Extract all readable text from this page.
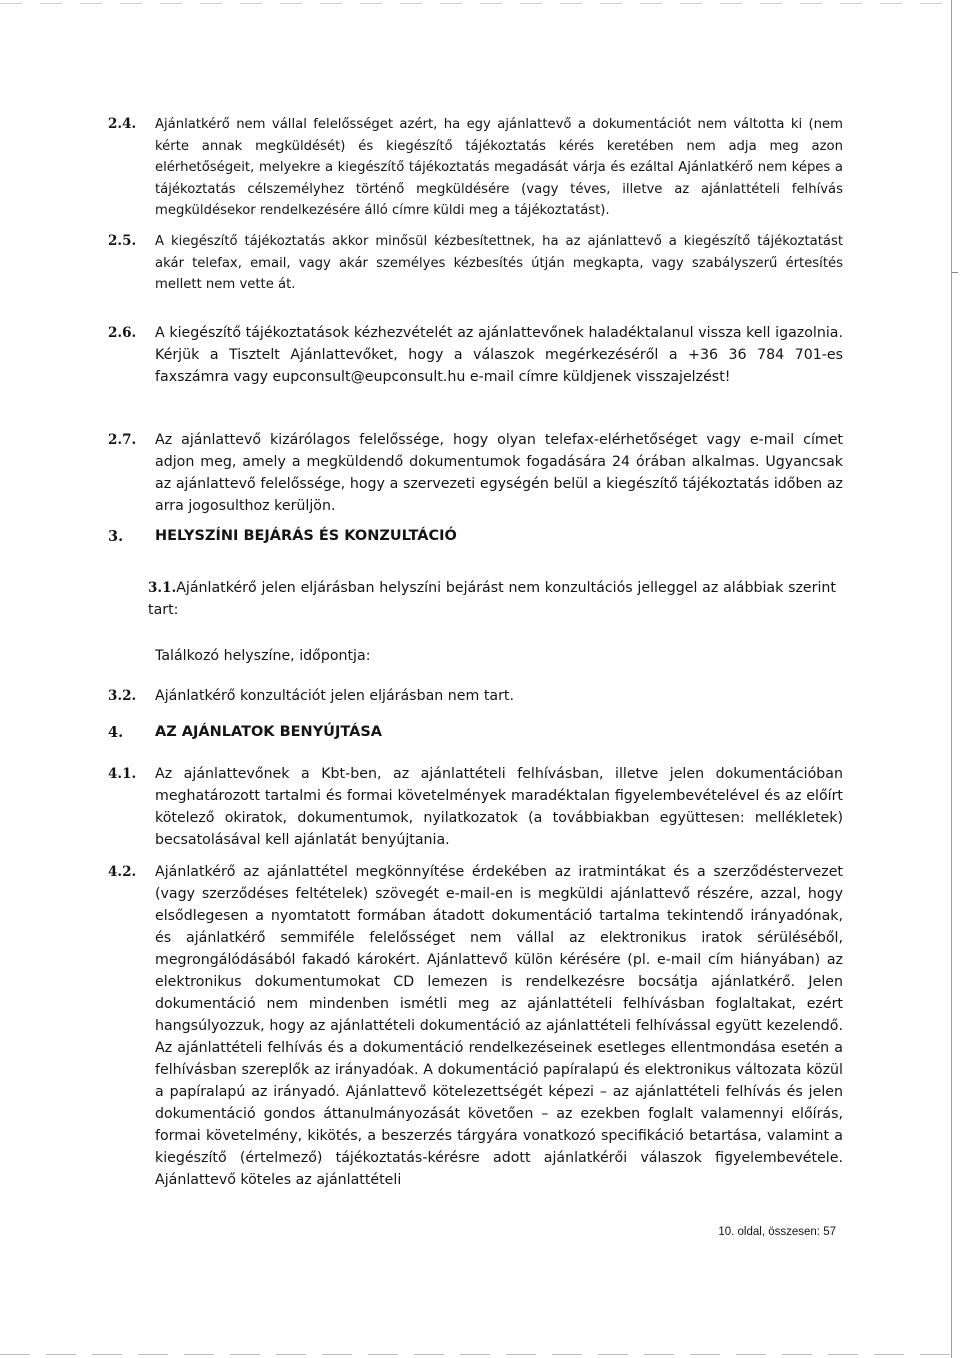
2.4.	Ajánlatkérő nem vállal felelősséget azért, ha egy ajánlattevő a dokumentációt nem váltotta ki (nem kérte annak megküldését) és kiegészítő tájékoztatás kérés keretében nem adja meg azon elérhetőségeit, melyekre a kiegészítő tájékoztatás megadását várja és ezáltal Ajánlatkérő nem képes a tájékoztatás célszemélyhez történő megküldésére (vagy téves, illetve az ajánlattételi felhívás megküldésekor rendelkezésére álló címre küldi meg a tájékoztatást).
2.5.	A kiegészítő tájékoztatás akkor minősül kézbesítettnek, ha az ajánlattevő a kiegészítő tájékoztatást akár telefax, email, vagy akár személyes kézbesítés útján megkapta, vagy szabályszerű értesítés mellett nem vette át.
2.6.	A kiegészítő tájékoztatások kézhezvételét az ajánlattevőnek haladéktalanul vissza kell igazolnia. Kérjük a Tisztelt Ajánlattevőket, hogy a válaszok megérkezéséről a +36 36 784 701-es faxszámra vagy eupconsult@eupconsult.hu e-mail címre küldjenek visszajelzést!
2.7.	Az ajánlattevő kizárólagos felelőssége, hogy olyan telefax-elérhetőséget vagy e-mail címet adjon meg, amely a megküldendő dokumentumok fogadására 24 órában alkalmas. Ugyancsak az ajánlattevő felelőssége, hogy a szervezeti egységén belül a kiegészítő tájékoztatás időben az arra jogosulthoz kerüljön.
3. HELYSZÍNI BEJÁRÁS ÉS KONZULTÁCIÓ
3.1.Ajánlatkérő jelen eljárásban helyszíni bejárást nem konzultációs jelleggel az alábbiak szerint tart:
Találkozó helyszíne, időpontja:
3.2.	Ajánlatkérő konzultációt jelen eljárásban nem tart.
4. AZ AJÁNLATOK BENYÚJTÁSA
4.1.	Az ajánlattevőnek a Kbt-ben, az ajánlattételi felhívásban, illetve jelen dokumentációban meghatározott tartalmi és formai követelmények maradéktalan figyelembevételével és az előírt kötelező okiratok, dokumentumok, nyilatkozatok (a továbbiakban együttesen: mellékletek) becsatolásával kell ajánlatát benyújtania.
4.2.	Ajánlatkérő az ajánlattétel megkönnyítése érdekében az iratmintákat és a szerződéstervezet (vagy szerződéses feltételek) szövegét e-mail-en is megküldi ajánlattevő részére, azzal, hogy elsődlegesen a nyomtatott formában átadott dokumentáció tartalma tekintendő irányadónak, és ajánlatkérő semmiféle felelősséget nem vállal az elektronikus iratok sérüléséből, megrongálódásából fakadó károkért. Ajánlattevő külön kérésére (pl. e-mail cím hiányában) az elektronikus dokumentumokat CD lemezen is rendelkezésre bocsátja ajánlatkérő. Jelen dokumentáció nem mindenben ismétli meg az ajánlattételi felhívásban foglaltakat, ezért hangsúlyozzuk, hogy az ajánlattételi dokumentáció az ajánlattételi felhívással együtt kezelendő. Az ajánlattételi felhívás és a dokumentáció rendelkezéseinek esetleges ellentmondása esetén a felhívásban szereplők az irányadóak. A dokumentáció papíralapú és elektronikus változata közül a papíralapú az irányadó. Ajánlattevő kötelezettségét képezi – az ajánlattételi felhívás és jelen dokumentáció gondos áttanulmányozását követően – az ezekben foglalt valamennyi előírás, formai követelmény, kikötés, a beszerzés tárgyára vonatkozó specifikáció betartása, valamint a kiegészítő (értelmező) tájékoztatás-kérésre adott ajánlatkérői válaszok figyelembevétele. Ajánlattevő köteles az ajánlattételi
10. oldal, összesen: 57
